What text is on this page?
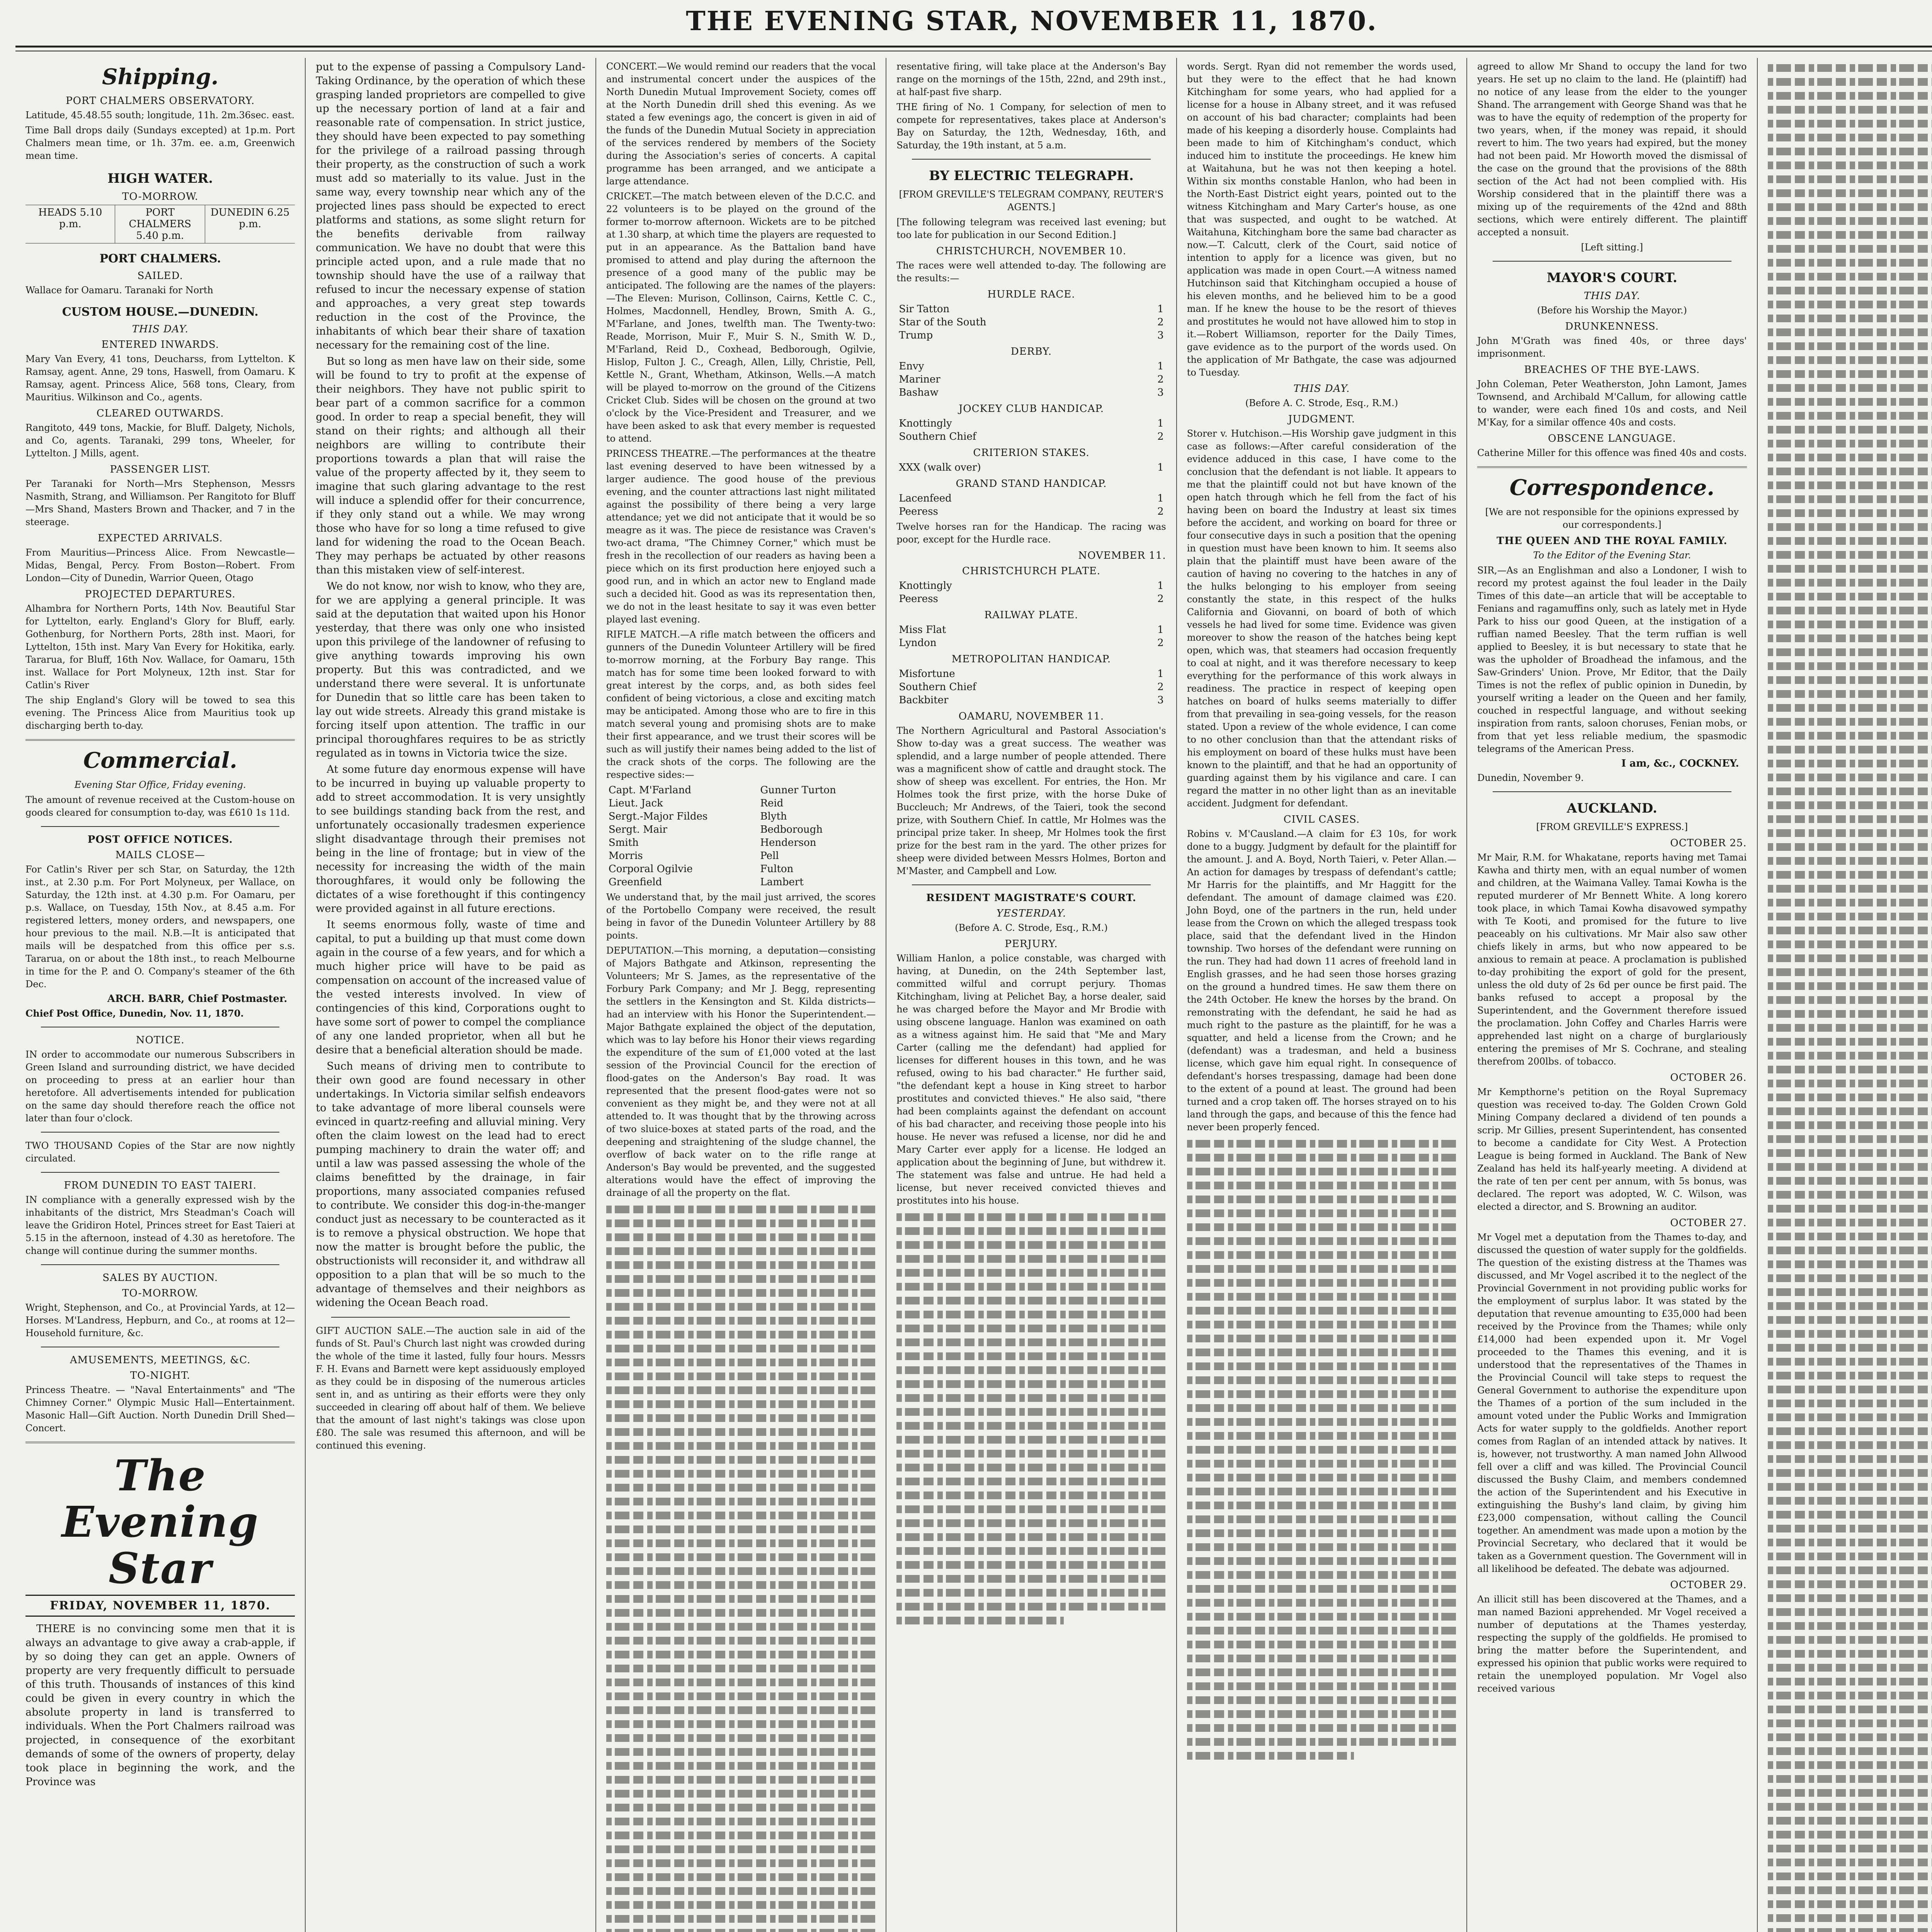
THE EVENING STAR, NOVEMBER 11, 1870.
Shipping.
PORT CHALMERS OBSERVATORY.

Latitude, 45.48.55 south; longitude, 11h. 2m.36sec. east.

Time Ball drops daily (Sundays excepted) at 1p.m. Port Chalmers mean time, or 1h. 37m. ee. a.m, Greenwich mean time.

HIGH WATER.
TO-MORROW.
HEADS 5.10 p.m.
PORT CHALMERS 5.40 p.m.
DUNEDIN 6.25 p.m.
PORT CHALMERS.
SAILED.

Wallace for Oamaru. Taranaki for North

CUSTOM HOUSE.—DUNEDIN.
THIS DAY.
ENTERED INWARDS.

Mary Van Every, 41 tons, Deucharss, from Lyttelton. K Ramsay, agent. Anne, 29 tons, Haswell, from Oamaru. K Ramsay, agent. Princess Alice, 568 tons, Cleary, from Mauritius. Wilkinson and Co., agents.

CLEARED OUTWARDS.

Rangitoto, 449 tons, Mackie, for Bluff. Dalgety, Nichols, and Co, agents. Taranaki, 299 tons, Wheeler, for Lyttelton. J Mills, agent.

PASSENGER LIST.

Per Taranaki for North—Mrs Stephenson, Messrs Nasmith, Strang, and Williamson. Per Rangitoto for Bluff—Mrs Shand, Masters Brown and Thacker, and 7 in the steerage.

EXPECTED ARRIVALS.

From Mauritius—Princess Alice. From Newcastle—Midas, Bengal, Percy. From Boston—Robert. From London—City of Dunedin, Warrior Queen, Otago

PROJECTED DEPARTURES.

Alhambra for Northern Ports, 14th Nov. Beautiful Star for Lyttelton, early. England's Glory for Bluff, early. Gothenburg, for Northern Ports, 28th inst. Maori, for Lyttelton, 15th inst. Mary Van Every for Hokitika, early. Tararua, for Bluff, 16th Nov. Wallace, for Oamaru, 15th inst. Wallace for Port Molyneux, 12th inst. Star for Catlin's River

The ship England's Glory will be towed to sea this evening. The Princess Alice from Mauritius took up discharging berth to-day.

Commercial.

Evening Star Office, Friday evening.

The amount of revenue received at the Custom-house on goods cleared for consumption to-day, was £610 1s 11d.

POST OFFICE NOTICES.
MAILS CLOSE—

For Catlin's River per sch Star, on Saturday, the 12th inst., at 2.30 p.m. For Port Molyneux, per Wallace, on Saturday, the 12th inst. at 4.30 p.m. For Oamaru, per p.s. Wallace, on Tuesday, 15th Nov., at 8.45 a.m. For registered letters, money orders, and newspapers, one hour previous to the mail. N.B.—It is anticipated that mails will be despatched from this office per s.s. Tararua, on or about the 18th inst., to reach Melbourne in time for the P. and O. Company's steamer of the 6th Dec.

ARCH. BARR, Chief Postmaster.

Chief Post Office, Dunedin, Nov. 11, 1870.

NOTICE.

IN order to accommodate our numerous Subscribers in Green Island and surrounding district, we have decided on proceeding to press at an earlier hour than heretofore. All advertisements intended for publication on the same day should therefore reach the office not later than four o'clock.

TWO THOUSAND Copies of the Star are now nightly circulated.

FROM DUNEDIN TO EAST TAIERI.

IN compliance with a generally expressed wish by the inhabitants of the district, Mrs Steadman's Coach will leave the Gridiron Hotel, Princes street for East Taieri at 5.15 in the afternoon, instead of 4.30 as heretofore. The change will continue during the summer months.

SALES BY AUCTION.
TO-MORROW.

Wright, Stephenson, and Co., at Provincial Yards, at 12—Horses. M'Landress, Hepburn, and Co., at rooms at 12—Household furniture, &c.

AMUSEMENTS, MEETINGS, &C.
TO-NIGHT.

Princess Theatre. — "Naval Entertainments" and "The Chimney Corner." Olympic Music Hall—Entertainment. Masonic Hall—Gift Auction. North Dunedin Drill Shed—Concert.

The Evening Star
FRIDAY, NOVEMBER 11, 1870.

THERE is no convincing some men that it is always an advantage to give away a crab-apple, if by so doing they can get an apple. Owners of property are very frequently difficult to persuade of this truth. Thousands of instances of this kind could be given in every country in which the absolute property in land is transferred to individuals. When the Port Chalmers railroad was projected, in consequence of the exorbitant demands of some of the owners of property, delay took place in beginning the work, and the Province was

put to the expense of passing a Compulsory Land-Taking Ordinance, by the operation of which these grasping landed proprietors are compelled to give up the necessary portion of land at a fair and reasonable rate of compensation. In strict justice, they should have been expected to pay something for the privilege of a railroad passing through their property, as the construction of such a work must add so materially to its value. Just in the same way, every township near which any of the projected lines pass should be expected to erect platforms and stations, as some slight return for the benefits derivable from railway communication. We have no doubt that were this principle acted upon, and a rule made that no township should have the use of a railway that refused to incur the necessary expense of station and approaches, a very great step towards reduction in the cost of the Province, the inhabitants of which bear their share of taxation necessary for the remaining cost of the line.

But so long as men have law on their side, some will be found to try to profit at the expense of their neighbors. They have not public spirit to bear part of a common sacrifice for a common good. In order to reap a special benefit, they will stand on their rights; and although all their neighbors are willing to contribute their proportions towards a plan that will raise the value of the property affected by it, they seem to imagine that such glaring advantage to the rest will induce a splendid offer for their concurrence, if they only stand out a while. We may wrong those who have for so long a time refused to give land for widening the road to the Ocean Beach. They may perhaps be actuated by other reasons than this mistaken view of self-interest.

We do not know, nor wish to know, who they are, for we are applying a general principle. It was said at the deputation that waited upon his Honor yesterday, that there was only one who insisted upon this privilege of the landowner of refusing to give anything towards improving his own property. But this was contradicted, and we understand there were several. It is unfortunate for Dunedin that so little care has been taken to lay out wide streets. Already this grand mistake is forcing itself upon attention. The traffic in our principal thoroughfares requires to be as strictly regulated as in towns in Victoria twice the size.

At some future day enormous expense will have to be incurred in buying up valuable property to add to street accommodation. It is very unsightly to see buildings standing back from the rest, and unfortunately occasionally tradesmen experience slight disadvantage through their premises not being in the line of frontage; but in view of the necessity for increasing the width of the main thoroughfares, it would only be following the dictates of a wise forethought if this contingency were provided against in all future erections.

It seems enormous folly, waste of time and capital, to put a building up that must come down again in the course of a few years, and for which a much higher price will have to be paid as compensation on account of the increased value of the vested interests involved. In view of contingencies of this kind, Corporations ought to have some sort of power to compel the compliance of any one landed proprietor, when all but he desire that a beneficial alteration should be made.

Such means of driving men to contribute to their own good are found necessary in other undertakings. In Victoria similar selfish endeavors to take advantage of more liberal counsels were evinced in quartz-reefing and alluvial mining. Very often the claim lowest on the lead had to erect pumping machinery to drain the water off; and until a law was passed assessing the whole of the claims benefitted by the drainage, in fair proportions, many associated companies refused to contribute. We consider this dog-in-the-manger conduct just as necessary to be counteracted as it is to remove a physical obstruction. We hope that now the matter is brought before the public, the obstructionists will reconsider it, and withdraw all opposition to a plan that will be so much to the advantage of themselves and their neighbors as widening the Ocean Beach road.

GIFT AUCTION SALE.—The auction sale in aid of the funds of St. Paul's Church last night was crowded during the whole of the time it lasted, fully four hours. Messrs F. H. Evans and Barnett were kept assiduously employed as they could be in disposing of the numerous articles sent in, and as untiring as their efforts were they only succeeded in clearing off about half of them. We believe that the amount of last night's takings was close upon £80. The sale was resumed this afternoon, and will be continued this evening.

CONCERT.—We would remind our readers that the vocal and instrumental concert under the auspices of the North Dunedin Mutual Improvement Society, comes off at the North Dunedin drill shed this evening. As we stated a few evenings ago, the concert is given in aid of the funds of the Dunedin Mutual Society in appreciation of the services rendered by members of the Society during the Association's series of concerts. A capital programme has been arranged, and we anticipate a large attendance.

CRICKET.—The match between eleven of the D.C.C. and 22 volunteers is to be played on the ground of the former to-morrow afternoon. Wickets are to be pitched at 1.30 sharp, at which time the players are requested to put in an appearance. As the Battalion band have promised to attend and play during the afternoon the presence of a good many of the public may be anticipated. The following are the names of the players:—The Eleven: Murison, Collinson, Cairns, Kettle C. C., Holmes, Macdonnell, Hendley, Brown, Smith A. G., M'Farlane, and Jones, twelfth man. The Twenty-two: Reade, Morrison, Muir F., Muir S. N., Smith W. D., M'Farland, Reid D., Coxhead, Bedborough, Ogilvie, Hislop, Fulton J. C., Creagh, Allen, Lilly, Christie, Pell, Kettle N., Grant, Whetham, Atkinson, Wells.—A match will be played to-morrow on the ground of the Citizens Cricket Club. Sides will be chosen on the ground at two o'clock by the Vice-President and Treasurer, and we have been asked to ask that every member is requested to attend.

PRINCESS THEATRE.—The performances at the theatre last evening deserved to have been witnessed by a larger audience. The good house of the previous evening, and the counter attractions last night militated against the possibility of there being a very large attendance; yet we did not anticipate that it would be so meagre as it was. The piece de resistance was Craven's two-act drama, "The Chimney Corner," which must be fresh in the recollection of our readers as having been a piece which on its first production here enjoyed such a good run, and in which an actor new to England made such a decided hit. Good as was its representation then, we do not in the least hesitate to say it was even better played last evening.

RIFLE MATCH.—A rifle match between the officers and gunners of the Dunedin Volunteer Artillery will be fired to-morrow morning, at the Forbury Bay range. This match has for some time been looked forward to with great interest by the corps, and, as both sides feel confident of being victorious, a close and exciting match may be anticipated. Among those who are to fire in this match several young and promising shots are to make their first appearance, and we trust their scores will be such as will justify their names being added to the list of the crack shots of the corps. The following are the respective sides:—

Capt. M'Farland	Gunner Turton
Lieut. Jack	Reid
Sergt.-Major Fildes	Blyth
Sergt. Mair	Bedborough
Smith	Henderson
Morris	Pell
Corporal Ogilvie	Fulton
Greenfield	Lambert

We understand that, by the mail just arrived, the scores of the Portobello Company were received, the result being in favor of the Dunedin Volunteer Artillery by 88 points.

DEPUTATION.—This morning, a deputation—consisting of Majors Bathgate and Atkinson, representing the Volunteers; Mr S. James, as the representative of the Forbury Park Company; and Mr J. Begg, representing the settlers in the Kensington and St. Kilda districts—had an interview with his Honor the Superintendent.—Major Bathgate explained the object of the deputation, which was to lay before his Honor their views regarding the expenditure of the sum of £1,000 voted at the last session of the Provincial Council for the erection of flood-gates on the Anderson's Bay road. It was represented that the present flood-gates were not so convenient as they might be, and they were not at all attended to. It was thought that by the throwing across of two sluice-boxes at stated parts of the road, and the deepening and straightening of the sludge channel, the overflow of back water on to the rifle range at Anderson's Bay would be prevented, and the suggested alterations would have the effect of improving the drainage of all the property on the flat.

resentative firing, will take place at the Anderson's Bay range on the mornings of the 15th, 22nd, and 29th inst., at half-past five sharp.

THE firing of No. 1 Company, for selection of men to compete for representatives, takes place at Anderson's Bay on Saturday, the 12th, Wednesday, 16th, and Saturday, the 19th instant, at 5 a.m.

BY ELECTRIC TELEGRAPH.

[FROM GREVILLE'S TELEGRAM COMPANY, REUTER'S AGENTS.]

[The following telegram was received last evening; but too late for publication in our Second Edition.]

CHRISTCHURCH, NOVEMBER 10.

The races were well attended to-day. The following are the results:—

HURDLE RACE.
Sir Tatton	1
Star of the South	2
Trump	3
DERBY.
Envy	1
Mariner	2
Bashaw	3
JOCKEY CLUB HANDICAP.
Knottingly	1
Southern Chief	2
CRITERION STAKES.
XXX (walk over)	1
GRAND STAND HANDICAP.
Lacenfeed	1
Peeress	2

Twelve horses ran for the Handicap. The racing was poor, except for the Hurdle race.

NOVEMBER 11.
CHRISTCHURCH PLATE.
Knottingly	1
Peeress	2
RAILWAY PLATE.
Miss Flat	1
Lyndon	2
METROPOLITAN HANDICAP.
Misfortune	1
Southern Chief	2
Backbiter	3
OAMARU, NOVEMBER 11.

The Northern Agricultural and Pastoral Association's Show to-day was a great success. The weather was splendid, and a large number of people attended. There was a magnificent show of cattle and draught stock. The show of sheep was excellent. For entries, the Hon. Mr Holmes took the first prize, with the horse Duke of Buccleuch; Mr Andrews, of the Taieri, took the second prize, with Southern Chief. In cattle, Mr Holmes was the principal prize taker. In sheep, Mr Holmes took the first prize for the best ram in the yard. The other prizes for sheep were divided between Messrs Holmes, Borton and M'Master, and Campbell and Low.

RESIDENT MAGISTRATE'S COURT.
YESTERDAY.

(Before A. C. Strode, Esq., R.M.)

PERJURY.

William Hanlon, a police constable, was charged with having, at Dunedin, on the 24th September last, committed wilful and corrupt perjury. Thomas Kitchingham, living at Pelichet Bay, a horse dealer, said he was charged before the Mayor and Mr Brodie with using obscene language. Hanlon was examined on oath as a witness against him. He said that "Me and Mary Carter (calling me the defendant) had applied for licenses for different houses in this town, and he was refused, owing to his bad character." He further said, "the defendant kept a house in King street to harbor prostitutes and convicted thieves." He also said, "there had been complaints against the defendant on account of his bad character, and receiving those people into his house. He never was refused a license, nor did he and Mary Carter ever apply for a license. He lodged an application about the beginning of June, but withdrew it. The statement was false and untrue. He had held a license, but never received convicted thieves and prostitutes into his house.

words. Sergt. Ryan did not remember the words used, but they were to the effect that he had known Kitchingham for some years, who had applied for a license for a house in Albany street, and it was refused on account of his bad character; complaints had been made of his keeping a disorderly house. Complaints had been made to him of Kitchingham's conduct, which induced him to institute the proceedings. He knew him at Waitahuna, but he was not then keeping a hotel. Within six months constable Hanlon, who had been in the North-East District eight years, pointed out to the witness Kitchingham and Mary Carter's house, as one that was suspected, and ought to be watched. At Waitahuna, Kitchingham bore the same bad character as now.—T. Calcutt, clerk of the Court, said notice of intention to apply for a licence was given, but no application was made in open Court.—A witness named Hutchinson said that Kitchingham occupied a house of his eleven months, and he believed him to be a good man. If he knew the house to be the resort of thieves and prostitutes he would not have allowed him to stop in it.—Robert Williamson, reporter for the Daily Times, gave evidence as to the purport of the words used. On the application of Mr Bathgate, the case was adjourned to Tuesday.

THIS DAY.

(Before A. C. Strode, Esq., R.M.)

JUDGMENT.

Storer v. Hutchison.—His Worship gave judgment in this case as follows:—After careful consideration of the evidence adduced in this case, I have come to the conclusion that the defendant is not liable. It appears to me that the plaintiff could not but have known of the open hatch through which he fell from the fact of his having been on board the Industry at least six times before the accident, and working on board for three or four consecutive days in such a position that the opening in question must have been known to him. It seems also plain that the plaintiff must have been aware of the caution of having no covering to the hatches in any of the hulks belonging to his employer from seeing constantly the state, in this respect of the hulks California and Giovanni, on board of both of which vessels he had lived for some time. Evidence was given moreover to show the reason of the hatches being kept open, which was, that steamers had occasion frequently to coal at night, and it was therefore necessary to keep everything for the performance of this work always in readiness. The practice in respect of keeping open hatches on board of hulks seems materially to differ from that prevailing in sea-going vessels, for the reason stated. Upon a review of the whole evidence, I can come to no other conclusion than that the attendant risks of his employment on board of these hulks must have been known to the plaintiff, and that he had an opportunity of guarding against them by his vigilance and care. I can regard the matter in no other light than as an inevitable accident. Judgment for defendant.

CIVIL CASES.

Robins v. M'Causland.—A claim for £3 10s, for work done to a buggy. Judgment by default for the plaintiff for the amount. J. and A. Boyd, North Taieri, v. Peter Allan.—An action for damages by trespass of defendant's cattle; Mr Harris for the plaintiffs, and Mr Haggitt for the defendant. The amount of damage claimed was £20. John Boyd, one of the partners in the run, held under lease from the Crown on which the alleged trespass took place, said that the defendant lived in the Hindon township. Two horses of the defendant were running on the run. They had had down 11 acres of freehold land in English grasses, and he had seen those horses grazing on the ground a hundred times. He saw them there on the 24th October. He knew the horses by the brand. On remonstrating with the defendant, he said he had as much right to the pasture as the plaintiff, for he was a squatter, and held a license from the Crown; and he (defendant) was a tradesman, and held a business license, which gave him equal right. In consequence of defendant's horses trespassing, damage had been done to the extent of a pound at least. The ground had been turned and a crop taken off. The horses strayed on to his land through the gaps, and because of this the fence had never been properly fenced.

agreed to allow Mr Shand to occupy the land for two years. He set up no claim to the land. He (plaintiff) had no notice of any lease from the elder to the younger Shand. The arrangement with George Shand was that he was to have the equity of redemption of the property for two years, when, if the money was repaid, it should revert to him. The two years had expired, but the money had not been paid. Mr Howorth moved the dismissal of the case on the ground that the provisions of the 88th section of the Act had not been complied with. His Worship considered that in the plaintiff there was a mixing up of the requirements of the 42nd and 88th sections, which were entirely different. The plaintiff accepted a nonsuit.

[Left sitting.]

MAYOR'S COURT.
THIS DAY.

(Before his Worship the Mayor.)

DRUNKENNESS.

John M'Grath was fined 40s, or three days' imprisonment.

BREACHES OF THE BYE-LAWS.

John Coleman, Peter Weatherston, John Lamont, James Townsend, and Archibald M'Callum, for allowing cattle to wander, were each fined 10s and costs, and Neil M'Kay, for a similar offence 40s and costs.

OBSCENE LANGUAGE.

Catherine Miller for this offence was fined 40s and costs.

Correspondence.

[We are not responsible for the opinions expressed by our correspondents.]

THE QUEEN AND THE ROYAL FAMILY.

To the Editor of the Evening Star.

SIR,—As an Englishman and also a Londoner, I wish to record my protest against the foul leader in the Daily Times of this date—an article that will be acceptable to Fenians and ragamuffins only, such as lately met in Hyde Park to hiss our good Queen, at the instigation of a ruffian named Beesley. That the term ruffian is well applied to Beesley, it is but necessary to state that he was the upholder of Broadhead the infamous, and the Saw-Grinders' Union. Prove, Mr Editor, that the Daily Times is not the reflex of public opinion in Dunedin, by yourself writing a leader on the Queen and her family, couched in respectful language, and without seeking inspiration from rants, saloon choruses, Fenian mobs, or from that yet less reliable medium, the spasmodic telegrams of the American Press.

I am, &c., COCKNEY.

Dunedin, November 9.

AUCKLAND.

[FROM GREVILLE'S EXPRESS.]

OCTOBER 25.

Mr Mair, R.M. for Whakatane, reports having met Tamai Kawha and thirty men, with an equal number of women and children, at the Waimana Valley. Tamai Kowha is the reputed murderer of Mr Bennett White. A long korero took place, in which Tamai Kowha disavowed sympathy with Te Kooti, and promised for the future to live peaceably on his cultivations. Mr Mair also saw other chiefs likely in arms, but who now appeared to be anxious to remain at peace. A proclamation is published to-day prohibiting the export of gold for the present, unless the old duty of 2s 6d per ounce be first paid. The banks refused to accept a proposal by the Superintendent, and the Government therefore issued the proclamation. John Coffey and Charles Harris were apprehended last night on a charge of burglariously entering the premises of Mr S. Cochrane, and stealing therefrom 200lbs. of tobacco.

OCTOBER 26.

Mr Kempthorne's petition on the Royal Supremacy question was received to-day. The Golden Crown Gold Mining Company declared a dividend of ten pounds a scrip. Mr Gillies, present Superintendent, has consented to become a candidate for City West. A Protection League is being formed in Auckland. The Bank of New Zealand has held its half-yearly meeting. A dividend at the rate of ten per cent per annum, with 5s bonus, was declared. The report was adopted, W. C. Wilson, was elected a director, and S. Browning an auditor.

OCTOBER 27.

Mr Vogel met a deputation from the Thames to-day, and discussed the question of water supply for the goldfields. The question of the existing distress at the Thames was discussed, and Mr Vogel ascribed it to the neglect of the Provincial Government in not providing public works for the employment of surplus labor. It was stated by the deputation that revenue amounting to £35,000 had been received by the Province from the Thames; while only £14,000 had been expended upon it. Mr Vogel proceeded to the Thames this evening, and it is understood that the representatives of the Thames in the Provincial Council will take steps to request the General Government to authorise the expenditure upon the Thames of a portion of the sum included in the amount voted under the Public Works and Immigration Acts for water supply to the goldfields. Another report comes from Raglan of an intended attack by natives. It is, however, not trustworthy. A man named John Allwood fell over a cliff and was killed. The Provincial Council discussed the Bushy Claim, and members condemned the action of the Superintendent and his Executive in extinguishing the Bushy's land claim, by giving him £23,000 compensation, without calling the Council together. An amendment was made upon a motion by the Provincial Secretary, who declared that it would be taken as a Government question. The Government will in all likelihood be defeated. The debate was adjourned.

OCTOBER 29.

An illicit still has been discovered at the Thames, and a man named Bazioni apprehended. Mr Vogel received a number of deputations at the Thames yesterday, respecting the supply of the goldfields. He promised to bring the matter before the Superintendent, and expressed his opinion that public works were required to retain the unemployed population. Mr Vogel also received various
